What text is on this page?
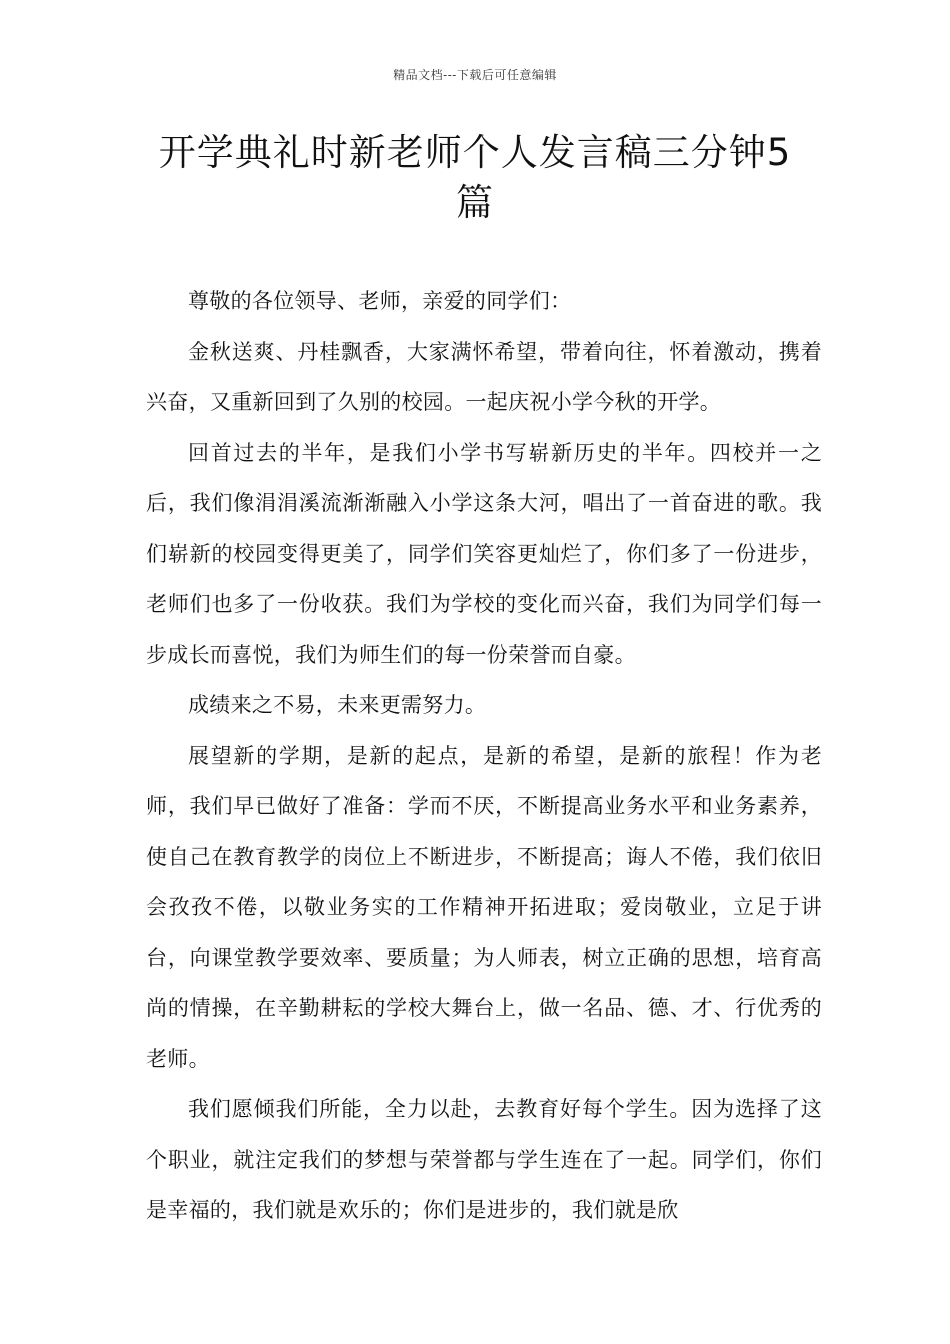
精品文档---下载后可任意编辑
开学典礼时新老师个人发言稿三分钟5篇

尊敬的各位领导、老师，亲爱的同学们：

金秋送爽、丹桂飘香，大家满怀希望，带着向往，怀着激动，携着兴奋，又重新回到了久别的校园。一起庆祝小学今秋的开学。

回首过去的半年，是我们小学书写崭新历史的半年。四校并一之后，我们像涓涓溪流渐渐融入小学这条大河，唱出了一首奋进的歌。我们崭新的校园变得更美了，同学们笑容更灿烂了，你们多了一份进步，老师们也多了一份收获。我们为学校的变化而兴奋，我们为同学们每一步成长而喜悦，我们为师生们的每一份荣誉而自豪。

成绩来之不易，未来更需努力。

展望新的学期，是新的起点，是新的希望，是新的旅程！作为老师，我们早已做好了准备：学而不厌，不断提高业务水平和业务素养，使自己在教育教学的岗位上不断进步，不断提高；诲人不倦，我们依旧会孜孜不倦，以敬业务实的工作精神开拓进取；爱岗敬业，立足于讲台，向课堂教学要效率、要质量；为人师表，树立正确的思想，培育高尚的情操，在辛勤耕耘的学校大舞台上，做一名品、德、才、行优秀的老师。

我们愿倾我们所能，全力以赴，去教育好每个学生。因为选择了这个职业，就注定我们的梦想与荣誉都与学生连在了一起。同学们，你们是幸福的，我们就是欢乐的；你们是进步的，我们就是欣
